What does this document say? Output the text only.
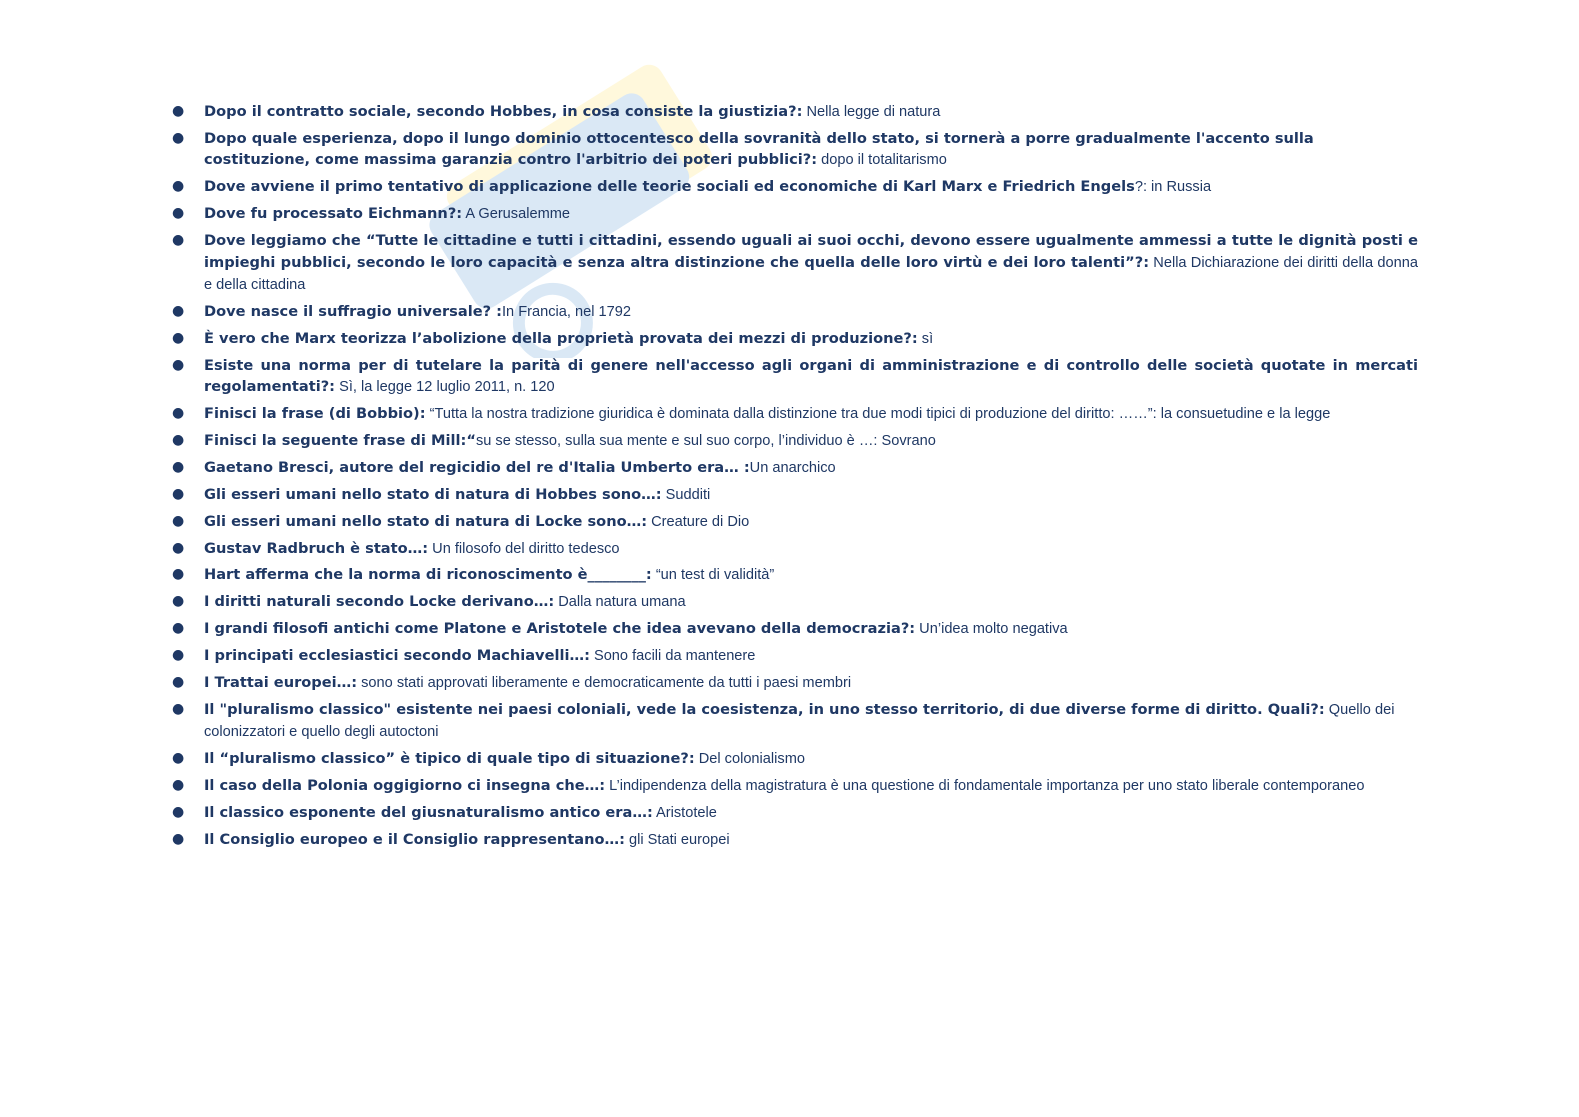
● Dopo il contratto sociale, secondo Hobbes, in cosa consiste la giustizia?: Nella legge di natura
● Dopo quale esperienza, dopo il lungo dominio ottocentesco della sovranità dello stato, si tornerà a porre gradualmente l'accento sulla costituzione, come massima garanzia contro l'arbitrio dei poteri pubblici?: dopo il totalitarismo
● Dove avviene il primo tentativo di applicazione delle teorie sociali ed economiche di Karl Marx e Friedrich Engels?: in Russia
● Dove fu processato Eichmann?: A Gerusalemme
● Dove leggiamo che “Tutte le cittadine e tutti i cittadini, essendo uguali ai suoi occhi, devono essere ugualmente ammessi a tutte le dignità posti e impieghi pubblici, secondo le loro capacità e senza altra distinzione che quella delle loro virtù e dei loro talenti”?: Nella Dichiarazione dei diritti della donna e della cittadina
● Dove nasce il suffragio universale? :In Francia, nel 1792
● È vero che Marx teorizza l’abolizione della proprietà provata dei mezzi di produzione?: sì
● Esiste una norma per di tutelare la parità di genere nell'accesso agli organi di amministrazione e di controllo delle società quotate in mercati regolamentati?: Sì, la legge 12 luglio 2011, n. 120
● Finisci la frase (di Bobbio): “Tutta la nostra tradizione giuridica è dominata dalla distinzione tra due modi tipici di produzione del diritto: ……”: la consuetudine e la legge
● Finisci la seguente frase di Mill:“su se stesso, sulla sua mente e sul suo corpo, l’individuo è …: Sovrano
● Gaetano Bresci, autore del regicidio del re d'Italia Umberto era… :Un anarchico
● Gli esseri umani nello stato di natura di Hobbes sono…: Sudditi
● Gli esseri umani nello stato di natura di Locke sono…: Creature di Dio
● Gustav Radbruch è stato…: Un filosofo del diritto tedesco
● Hart afferma che la norma di riconoscimento è________: “un test di validità”
● I diritti naturali secondo Locke derivano…: Dalla natura umana
● I grandi filosofi antichi come Platone e Aristotele che idea avevano della democrazia?: Un’idea molto negativa
● I principati ecclesiastici secondo Machiavelli…: Sono facili da mantenere
● I Trattai europei…: sono stati approvati liberamente e democraticamente da tutti i paesi membri
● Il "pluralismo classico" esistente nei paesi coloniali, vede la coesistenza, in uno stesso territorio, di due diverse forme di diritto. Quali?: Quello dei colonizzatori e quello degli autoctoni
● Il “pluralismo classico” è tipico di quale tipo di situazione?: Del colonialismo
● Il caso della Polonia oggigiorno ci insegna che…: L’indipendenza della magistratura è una questione di fondamentale importanza per uno stato liberale contemporaneo
● Il classico esponente del giusnaturalismo antico era…: Aristotele
● Il Consiglio europeo e il Consiglio rappresentano…: gli Stati europei
